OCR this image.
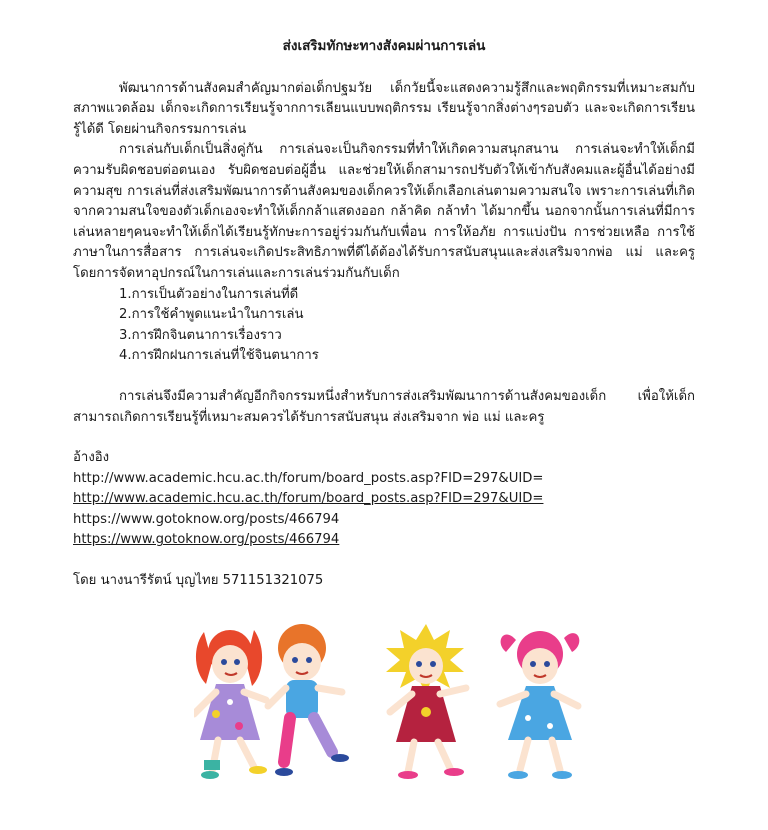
ส่งเสริมทักษะทางสังคมผ่านการเล่น

พัฒนาการด้านสังคมสำคัญมากต่อเด็กปฐมวัย เด็กวัยนี้จะแสดงความรู้สึกและพฤติกรรมที่เหมาะสมกับสภาพแวดล้อม เด็กจะเกิดการเรียนรู้จากการเลียนแบบพฤติกรรม เรียนรู้จากสิ่งต่างๆรอบตัว และจะเกิดการเรียนรู้ได้ดี โดยผ่านกิจกรรมการเล่น

การเล่นกับเด็กเป็นสิ่งคู่กัน การเล่นจะเป็นกิจกรรมที่ทำให้เกิดความสนุกสนาน การเล่นจะทำให้เด็กมีความรับผิดชอบต่อตนเอง รับผิดชอบต่อผู้อื่น และช่วยให้เด็กสามารถปรับตัวให้เข้ากับสังคมและผู้อื่นได้อย่างมีความสุข การเล่นที่ส่งเสริมพัฒนาการด้านสังคมของเด็กควรให้เด็กเลือกเล่นตามความสนใจ เพราะการเล่นที่เกิดจากความสนใจของตัวเด็กเองจะทำให้เด็กกล้าแสดงออก กล้าคิด กล้าทำ ได้มากขึ้น นอกจากนั้นการเล่นที่มีการเล่นหลายๆคนจะทำให้เด็กได้เรียนรู้ทักษะการอยู่ร่วมกันกับเพื่อน การให้อภัย การแบ่งปัน การช่วยเหลือ การใช้ภาษาในการสื่อสาร การเล่นจะเกิดประสิทธิภาพที่ดีได้ต้องได้รับการสนับสนุนและส่งเสริมจากพ่อ แม่ และครู โดยการจัดหาอุปกรณ์ในการเล่นและการเล่นร่วมกันกับเด็ก

1.การเป็นตัวอย่างในการเล่นที่ดี
2.การใช้คำพูดแนะนำในการเล่น
3.การฝึกจินตนาการเรื่องราว
4.การฝึกฝนการเล่นที่ใช้จินตนาการ

การเล่นจึงมีความสำคัญอีกกิจกรรมหนึ่งสำหรับการส่งเสริมพัฒนาการด้านสังคมของเด็ก เพื่อให้เด็กสามารถเกิดการเรียนรู้ที่เหมาะสมควรได้รับการสนับสนุน ส่งเสริมจาก พ่อ แม่ และครู

อ้างอิง
http://www.academic.hcu.ac.th/forum/board_posts.asp?FID=297&UID=
http://www.academic.hcu.ac.th/forum/board_posts.asp?FID=297&UID=
https://www.gotoknow.org/posts/466794
https://www.gotoknow.org/posts/466794

โดย นางนารีรัตน์ บุญไทย 571151321075
